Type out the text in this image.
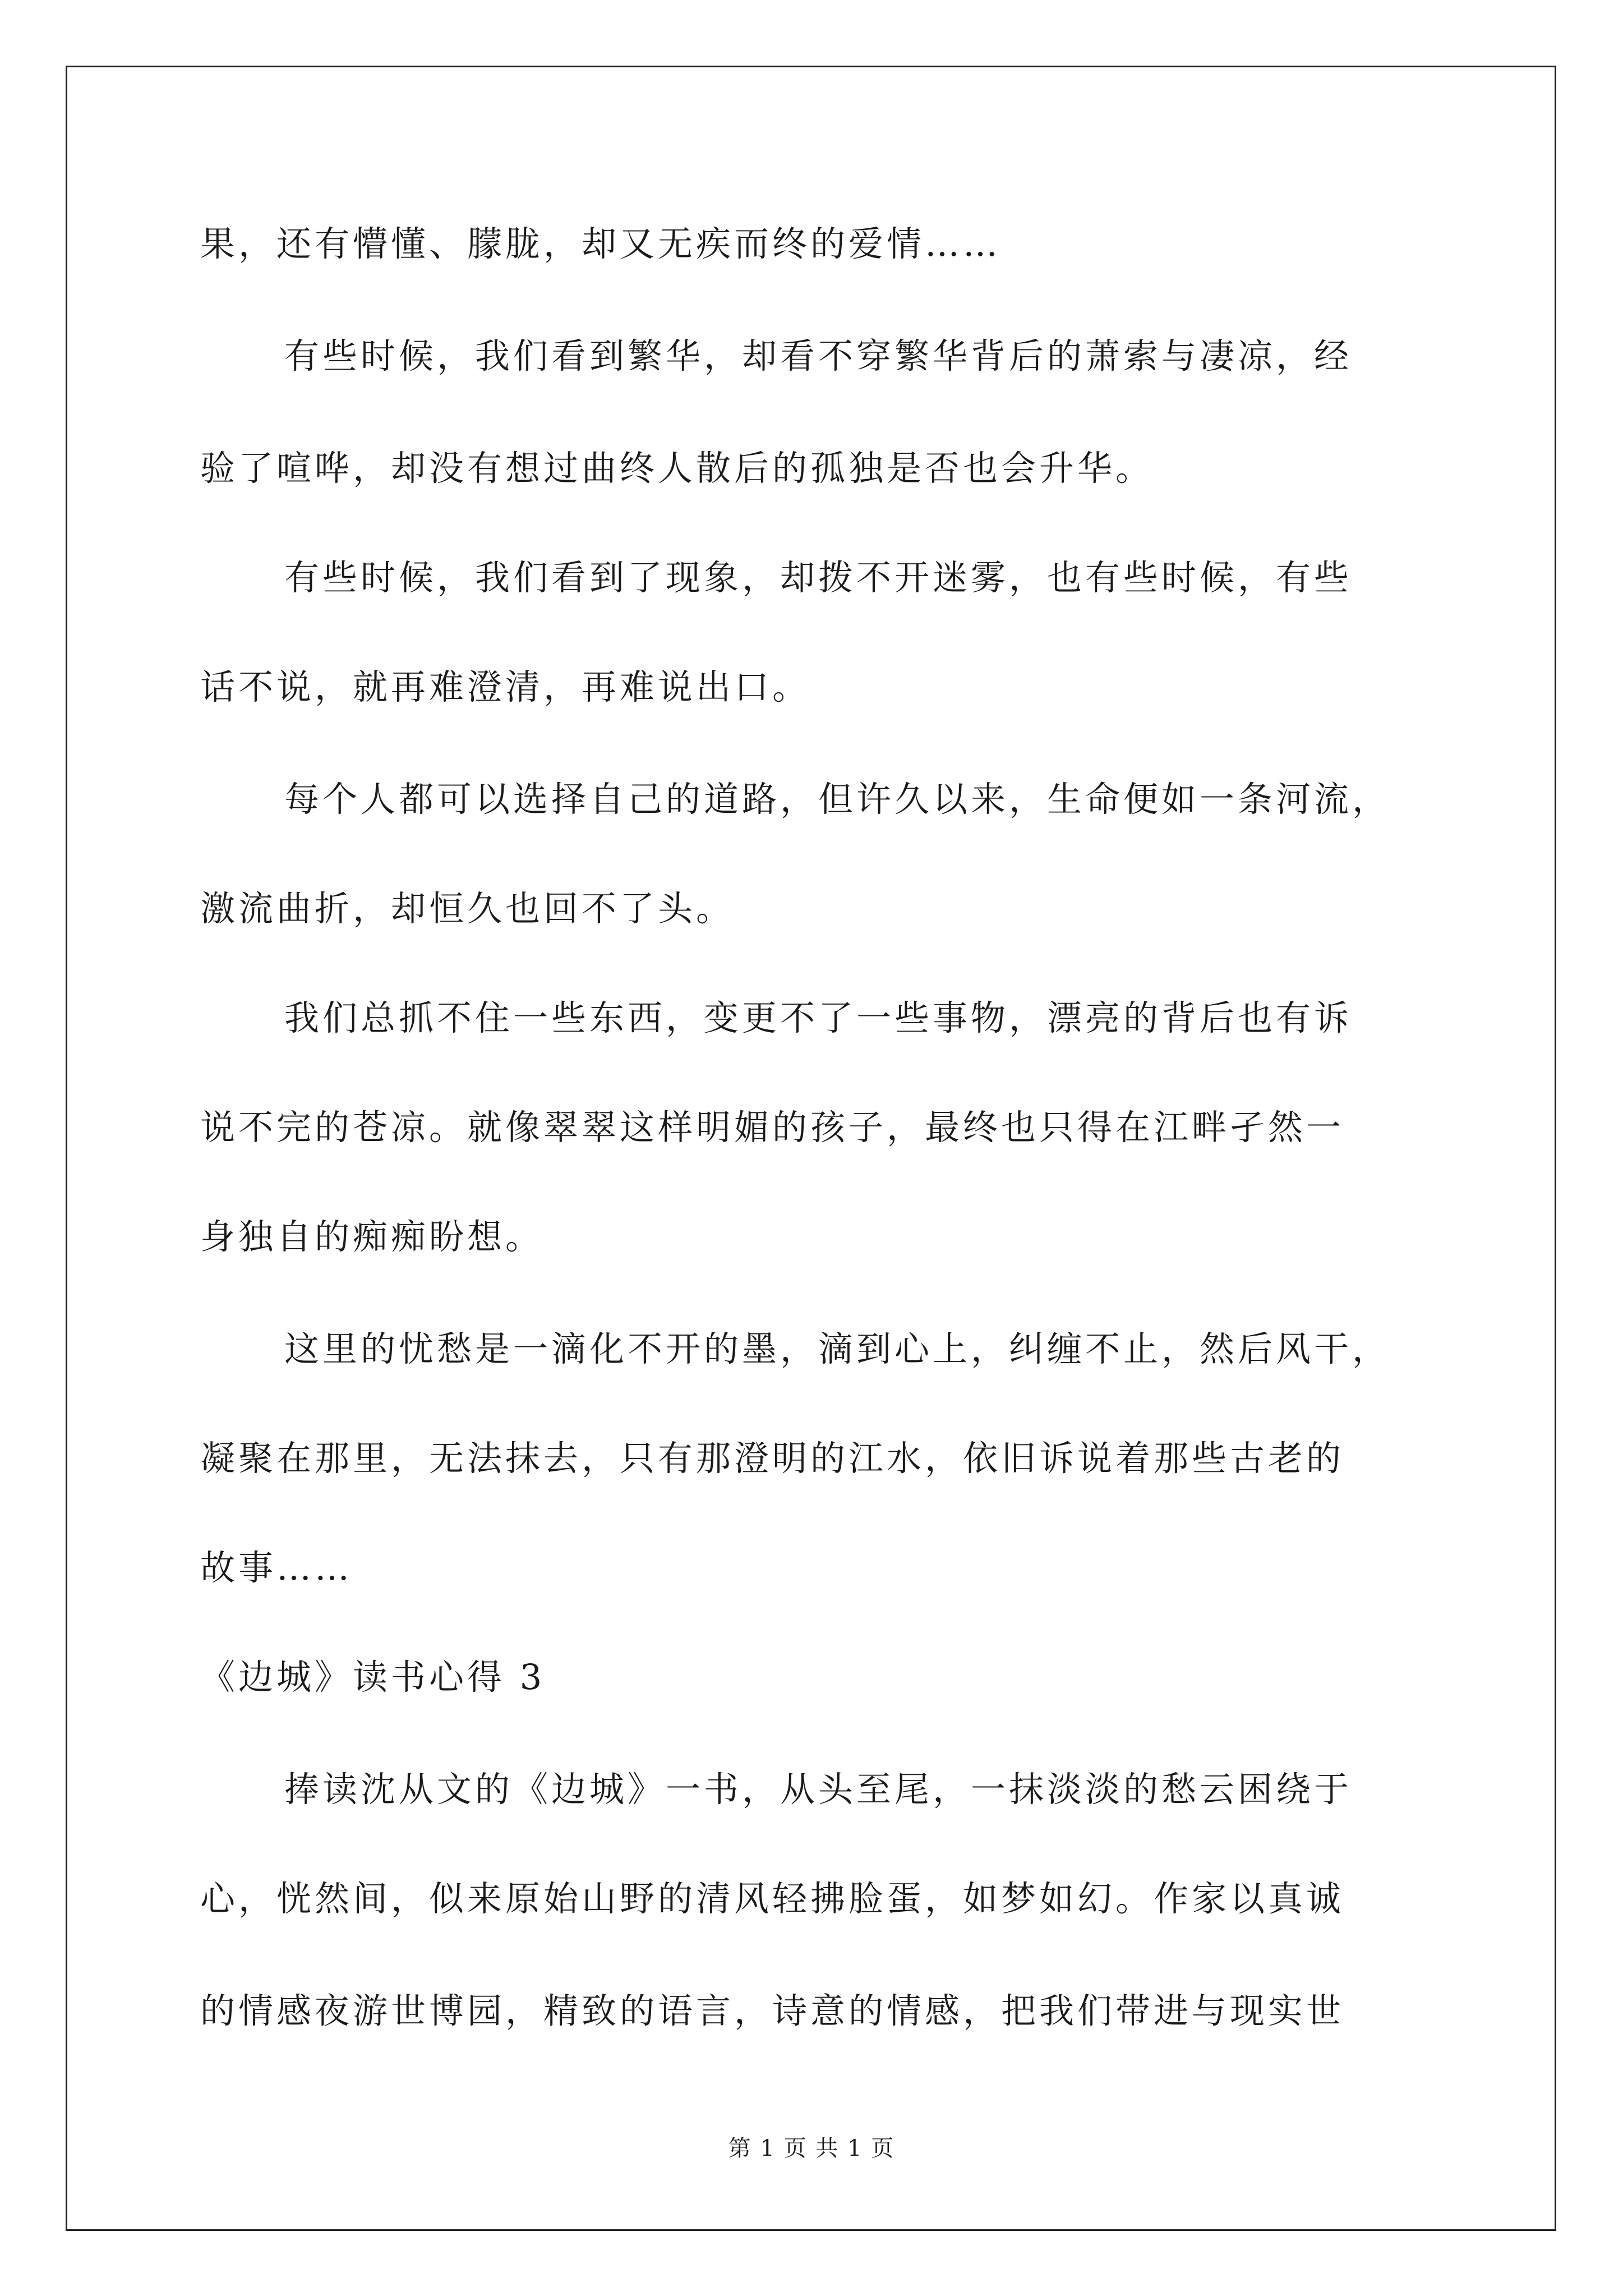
果，还有懵懂、朦胧，却又无疾而终的爱情……
有些时候，我们看到繁华，却看不穿繁华背后的萧索与凄凉，经
验了喧哗，却没有想过曲终人散后的孤独是否也会升华。
有些时候，我们看到了现象，却拨不开迷雾，也有些时候，有些
话不说，就再难澄清，再难说出口。
每个人都可以选择自己的道路，但许久以来，生命便如一条河流，
激流曲折，却恒久也回不了头。
我们总抓不住一些东西，变更不了一些事物，漂亮的背后也有诉
说不完的苍凉。就像翠翠这样明媚的孩子，最终也只得在江畔孑然一
身独自的痴痴盼想。
这里的忧愁是一滴化不开的墨，滴到心上，纠缠不止，然后风干，
凝聚在那里，无法抹去，只有那澄明的江水，依旧诉说着那些古老的
故事……
《边城》读书心得 3
捧读沈从文的《边城》一书，从头至尾，一抹淡淡的愁云困绕于
心，恍然间，似来原始山野的清风轻拂脸蛋，如梦如幻。作家以真诚
的情感夜游世博园，精致的语言，诗意的情感，把我们带进与现实世
第 1 页 共 1 页
